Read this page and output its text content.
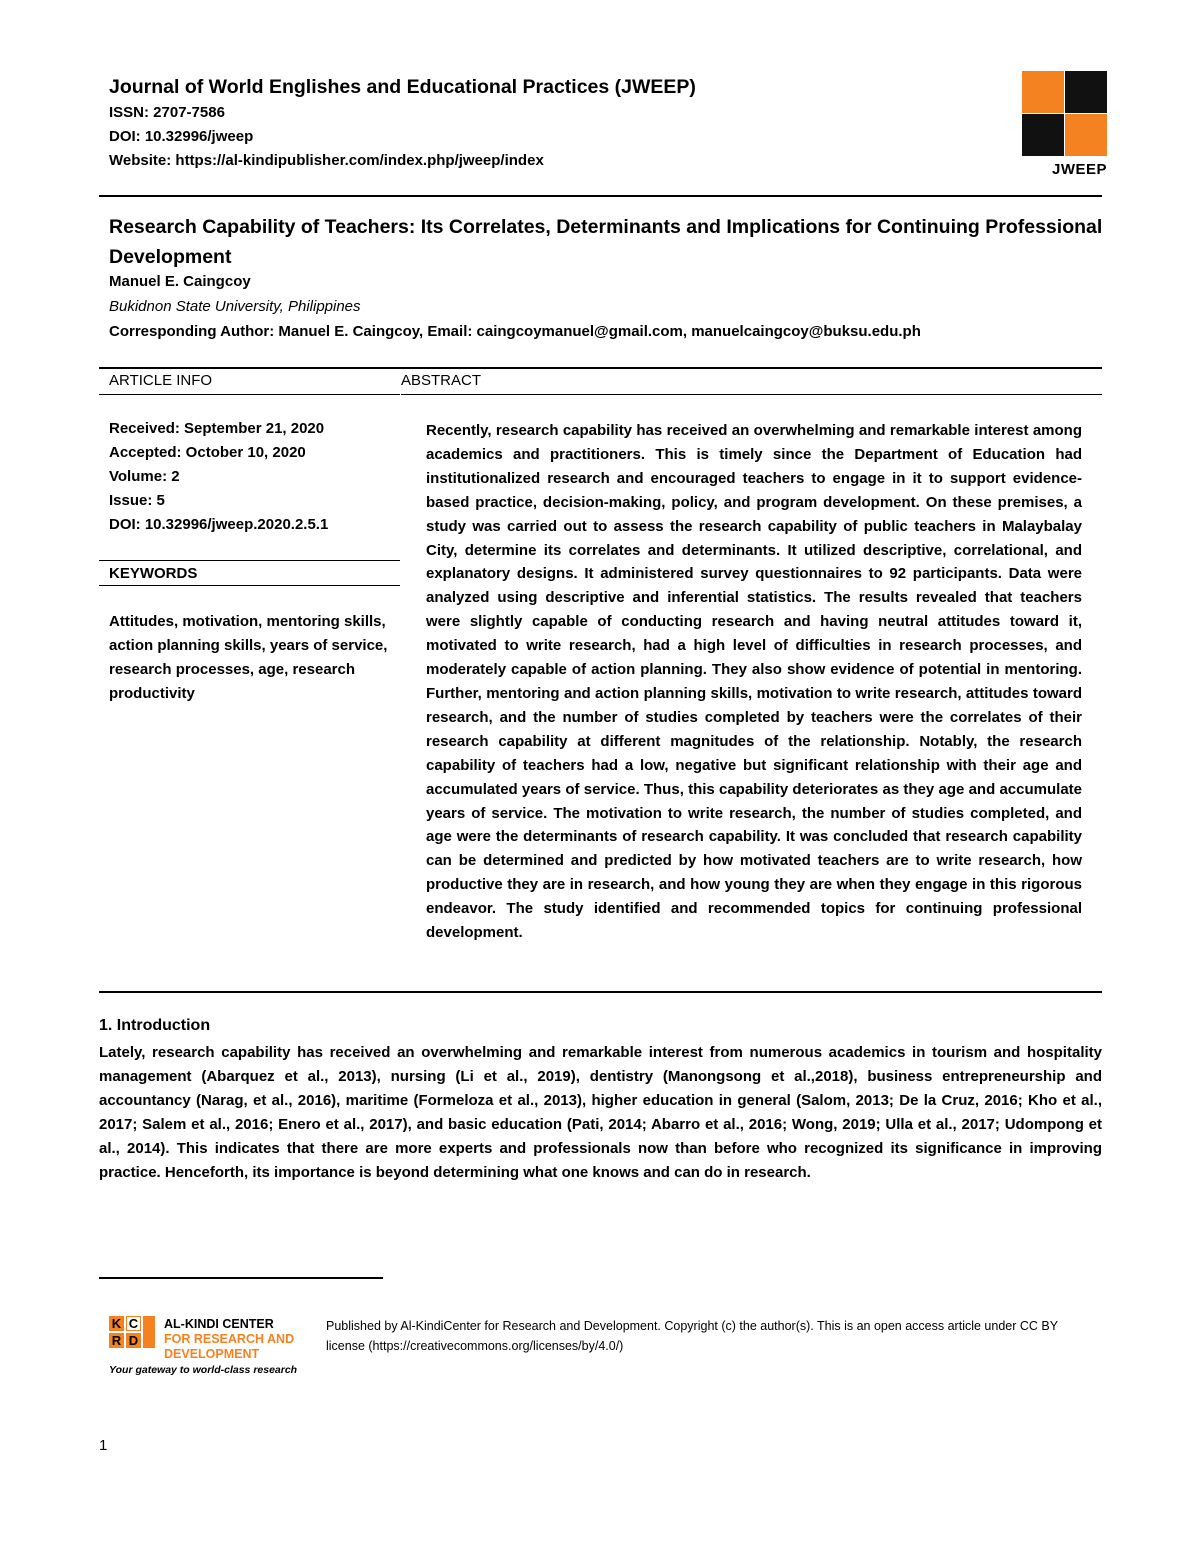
Journal of World Englishes and Educational Practices (JWEEP)
ISSN: 2707-7586
DOI: 10.32996/jweep
Website: https://al-kindipublisher.com/index.php/jweep/index
JWEEP
Research Capability of Teachers: Its Correlates, Determinants and Implications for Continuing Professional Development
Manuel E. Caingcoy
Bukidnon State University, Philippines
Corresponding Author: Manuel E. Caingcoy, Email: caingcoymanuel@gmail.com, manuelcaingcoy@buksu.edu.ph
ARTICLE INFO	ABSTRACT
Received: September 21, 2020
Accepted: October 10, 2020
Volume: 2
Issue: 5
DOI: 10.32996/jweep.2020.2.5.1
KEYWORDS
Attitudes, motivation, mentoring skills, action planning skills, years of service, research processes, age, research productivity
Recently, research capability has received an overwhelming and remarkable interest among academics and practitioners. This is timely since the Department of Education had institutionalized research and encouraged teachers to engage in it to support evidence-based practice, decision-making, policy, and program development. On these premises, a study was carried out to assess the research capability of public teachers in Malaybalay City, determine its correlates and determinants. It utilized descriptive, correlational, and explanatory designs. It administered survey questionnaires to 92 participants. Data were analyzed using descriptive and inferential statistics. The results revealed that teachers were slightly capable of conducting research and having neutral attitudes toward it, motivated to write research, had a high level of difficulties in research processes, and moderately capable of action planning. They also show evidence of potential in mentoring. Further, mentoring and action planning skills, motivation to write research, attitudes toward research, and the number of studies completed by teachers were the correlates of their research capability at different magnitudes of the relationship. Notably, the research capability of teachers had a low, negative but significant relationship with their age and accumulated years of service. Thus, this capability deteriorates as they age and accumulate years of service. The motivation to write research, the number of studies completed, and age were the determinants of research capability. It was concluded that research capability can be determined and predicted by how motivated teachers are to write research, how productive they are in research, and how young they are when they engage in this rigorous endeavor. The study identified and recommended topics for continuing professional development.
1. Introduction
Lately, research capability has received an overwhelming and remarkable interest from numerous academics in tourism and hospitality management (Abarquez et al., 2013), nursing (Li et al., 2019), dentistry (Manongsong et al.,2018), business entrepreneurship and accountancy (Narag, et al., 2016), maritime (Formeloza et al., 2013), higher education in general (Salom, 2013; De la Cruz, 2016; Kho et al., 2017; Salem et al., 2016; Enero et al., 2017), and basic education (Pati, 2014; Abarro et al., 2016; Wong, 2019; Ulla et al., 2017; Udompong et al., 2014). This indicates that there are more experts and professionals now than before who recognized its significance in improving practice. Henceforth, its importance is beyond determining what one knows and can do in research.
K C
R D
AL-KINDI CENTER
FOR RESEARCH AND
DEVELOPMENT
Your gateway to world-class research
Published by Al-KindiCenter for Research and Development. Copyright (c) the author(s). This is an open access article under CC BY license (https://creativecommons.org/licenses/by/4.0/)
1
